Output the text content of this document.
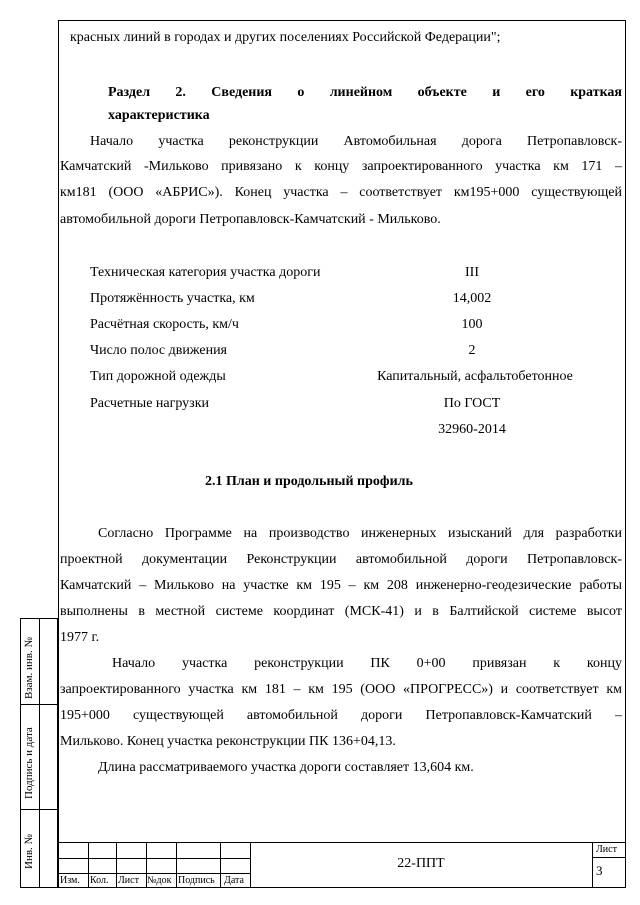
красных линий в городах и других поселениях Российской Федерации";
Раздел 2. Сведения о линейном объекте и его краткая
характеристика
Начало участка реконструкции Автомобильная дорога Петропавловск-
Камчатский -Мильково привязано к концу запроектированного участка км 171 –
км181 (ООО «АБРИС»). Конец участка – соответствует км195+000 существующей
автомобильной дороги Петропавловск-Камчатский - Мильково.
Техническая категория участка дороги	III
Протяжённость участка, км	14,002
Расчётная скорость, км/ч	100
Число полос движения	2
Тип дорожной одежды	Капитальный, асфальтобетонное
Расчетные нагрузки	По ГОСТ
32960-2014
2.1 План и продольный профиль
Согласно Программе на производство инженерных изысканий для разработки
проектной документации Реконструкции автомобильной дороги Петропавловск-
Камчатский – Мильково на участке км 195 – км 208 инженерно-геодезические работы
выполнены в местной системе координат (МСК-41) и в Балтийской системе высот
1977 г.
Начало участка реконструкции ПК 0+00 привязан к концу
запроектированного участка км 181 – км 195 (ООО «ПРОГРЕСС») и соответствует км
195+000 существующей автомобильной дороги Петропавловск-Камчатский –
Мильково. Конец участка реконструкции ПК 136+04,13.
Длина рассматриваемого участка дороги составляет 13,604 км.
Взам. инв. №
Подпись и дата
Инв. №
Изм. Кол. Лист №док Подпись Дата
22-ППТ
Лист
3
